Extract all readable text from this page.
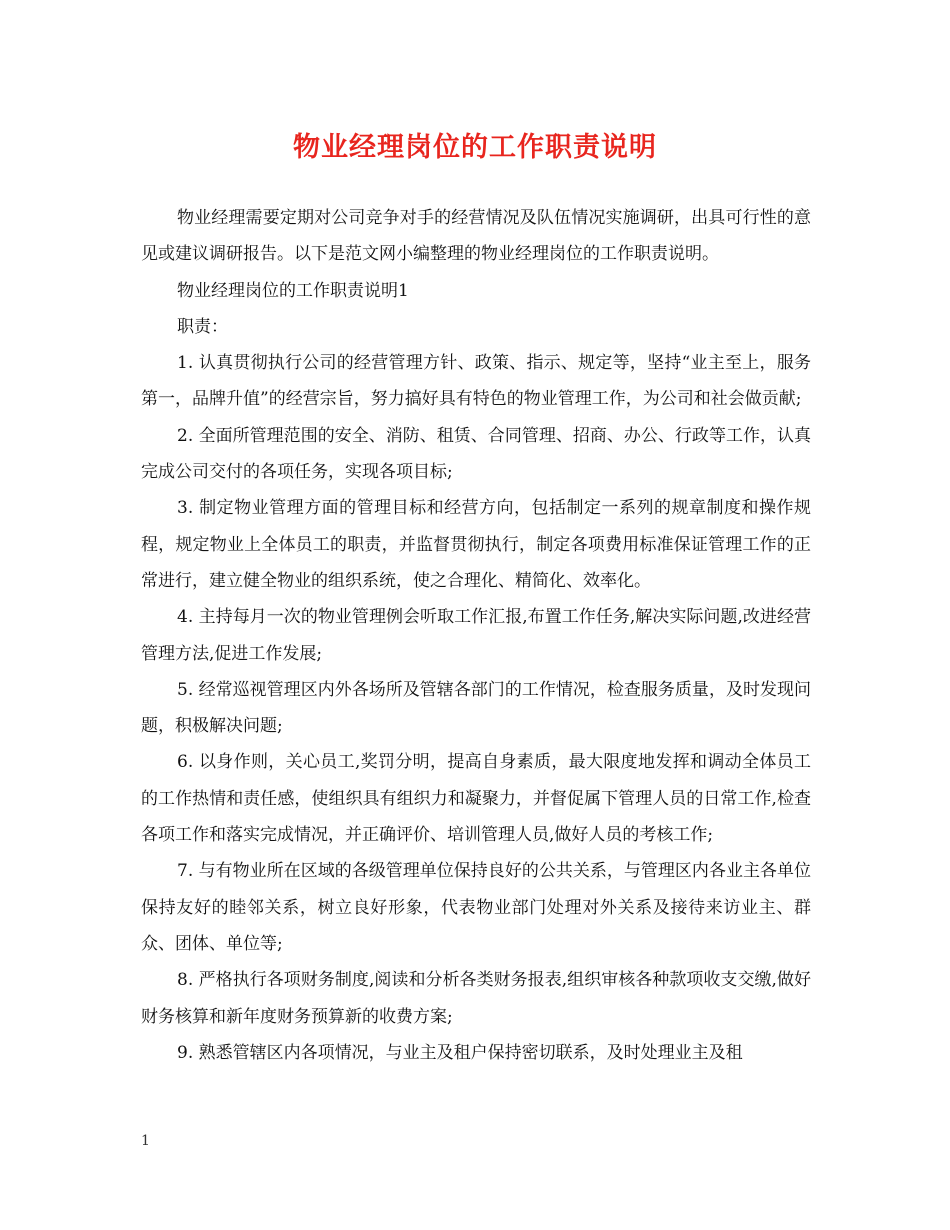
物业经理岗位的工作职责说明

物业经理需要定期对公司竞争对手的经营情况及队伍情况实施调研，出具可行性的意见或建议调研报告。以下是范文网小编整理的物业经理岗位的工作职责说明。

物业经理岗位的工作职责说明1

职责：

1. 认真贯彻执行公司的经营管理方针、政策、指示、规定等，坚持“业主至上，服务第一，品牌升值”的经营宗旨，努力搞好具有特色的物业管理工作，为公司和社会做贡献;

2. 全面所管理范围的安全、消防、租赁、合同管理、招商、办公、行政等工作，认真完成公司交付的各项任务，实现各项目标;

3. 制定物业管理方面的管理目标和经营方向，包括制定一系列的规章制度和操作规程，规定物业上全体员工的职责，并监督贯彻执行，制定各项费用标准保证管理工作的正常进行，建立健全物业的组织系统，使之合理化、精简化、效率化。

4. 主持每月一次的物业管理例会听取工作汇报,布置工作任务,解决实际问题,改进经营管理方法,促进工作发展;

5. 经常巡视管理区内外各场所及管辖各部门的工作情况，检查服务质量，及时发现问题，积极解决问题;

6. 以身作则，关心员工,奖罚分明，提高自身素质，最大限度地发挥和调动全体员工的工作热情和责任感，使组织具有组织力和凝聚力，并督促属下管理人员的日常工作,检查各项工作和落实完成情况，并正确评价、培训管理人员,做好人员的考核工作;

7. 与有物业所在区域的各级管理单位保持良好的公共关系，与管理区内各业主各单位保持友好的睦邻关系，树立良好形象，代表物业部门处理对外关系及接待来访业主、群众、团体、单位等;

8. 严格执行各项财务制度,阅读和分析各类财务报表,组织审核各种款项收支交缴,做好财务核算和新年度财务预算新的收费方案;

9. 熟悉管辖区内各项情况，与业主及租户保持密切联系，及时处理业主及租

1
